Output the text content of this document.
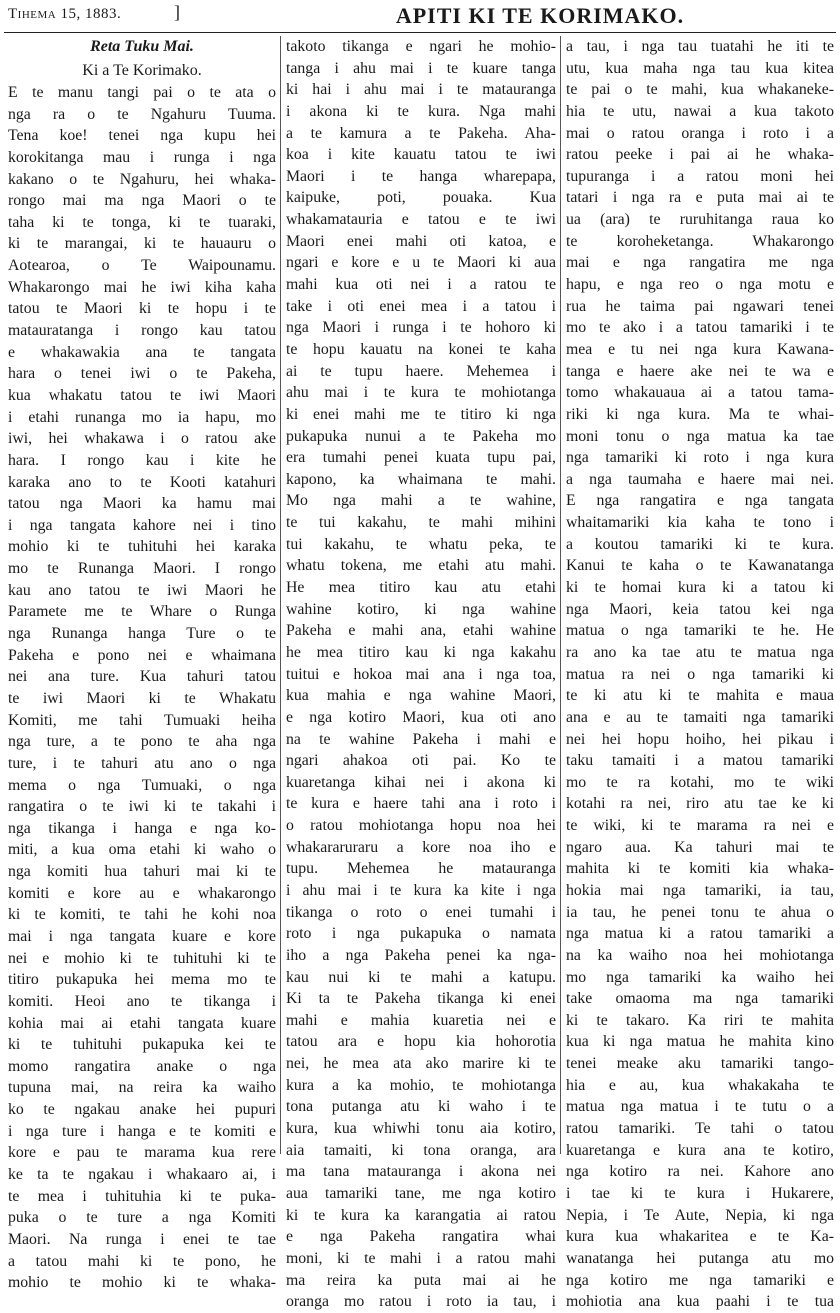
Tihema 15, 1883.	]	APITI KI TE KORIMAKO.
Reta Tuku Mai.
Ki a Te Korimako.
E te manu tangi pai o te ata o
nga ra o te Ngahuru Tuuma.
Tena koe! tenei nga kupu hei
korokitanga mau i runga i nga
kakano o te Ngahuru, hei whaka-
rongo mai ma nga Maori o te
taha ki te tonga, ki te tuaraki,
ki te marangai, ki te hauauru o
Aotearoa, o Te Waipounamu.
Whakarongo mai he iwi kiha kaha
tatou te Maori ki te hopu i te
matauratanga i rongo kau tatou
e whakawakia ana te tangata
hara o tenei iwi o te Pakeha,
kua whakatu tatou te iwi Maori
i etahi runanga mo ia hapu, mo
iwi, hei whakawa i o ratou ake
hara. I rongo kau i kite he
karaka ano to te Kooti katahuri
tatou nga Maori ka hamu mai
i nga tangata kahore nei i tino
mohio ki te tuhituhi hei karaka
mo te Runanga Maori. I rongo
kau ano tatou te iwi Maori he
Paramete me te Whare o Runga
nga Runanga hanga Ture o te
Pakeha e pono nei e whaimana
nei ana ture. Kua tahuri tatou
te iwi Maori ki te Whakatu
Komiti, me tahi Tumuaki heiha
nga ture, a te pono te aha nga
ture, i te tahuri atu ano o nga
mema o nga Tumuaki, o nga
rangatira o te iwi ki te takahi i
nga tikanga i hanga e nga ko-
miti, a kua oma etahi ki waho o
nga komiti hua tahuri mai ki te
komiti e kore au e whakarongo
ki te komiti, te tahi he kohi noa
mai i nga tangata kuare e kore
nei e mohio ki te tuhituhi ki te
titiro pukapuka hei mema mo te
komiti. Heoi ano te tikanga i
kohia mai ai etahi tangata kuare
ki te tuhituhi pukapuka kei te
momo rangatira anake o nga
tupuna mai, na reira ka waiho
ko te ngakau anake hei pupuri
i nga ture i hanga e te komiti e
kore e pau te marama kua rere
ke ta te ngakau i whakaaro ai, i
te mea i tuhituhia ki te puka-
puka o te ture a nga Komiti
Maori. Na runga i enei te tae
a tatou mahi ki te pono, he
mohio te mohio ki te whaka-
takoto tikanga e ngari he mohio-
tanga i ahu mai i te kuare tanga
ki hai i ahu mai i te matauranga
i akona ki te kura. Nga mahi
a te kamura a te Pakeha. Aha-
koa i kite kauatu tatou te iwi
Maori i te hanga wharepapa,
kaipuke, poti, pouaka. Kua
whakamatauria e tatou e te iwi
Maori enei mahi oti katoa, e
ngari e kore e u te Maori ki aua
mahi kua oti nei i a ratou te
take i oti enei mea i a tatou i
nga Maori i runga i te hohoro ki
te hopu kauatu na konei te kaha
ai te tupu haere. Mehemea i
ahu mai i te kura te mohiotanga
ki enei mahi me te titiro ki nga
pukapuka nunui a te Pakeha mo
era tumahi penei kuata tupu pai,
kapono, ka whaimana te mahi.
Mo nga mahi a te wahine,
te tui kakahu, te mahi mihini
tui kakahu, te whatu peka, te
whatu tokena, me etahi atu mahi.
He mea titiro kau atu etahi
wahine kotiro, ki nga wahine
Pakeha e mahi ana, etahi wahine
he mea titiro kau ki nga kakahu
tuitui e hokoa mai ana i nga toa,
kua mahia e nga wahine Maori,
e nga kotiro Maori, kua oti ano
na te wahine Pakeha i mahi e
ngari ahakoa oti pai. Ko te
kuaretanga kihai nei i akona ki
te kura e haere tahi ana i roto i
o ratou mohiotanga hopu noa hei
whakararuraru a kore noa iho e
tupu. Mehemea he matauranga
i ahu mai i te kura ka kite i nga
tikanga o roto o enei tumahi i
roto i nga pukapuka o namata
iho a nga Pakeha penei ka nga-
kau nui ki te mahi a katupu.
Ki ta te Pakeha tikanga ki enei
mahi e mahia kuaretia nei e
tatou ara e hopu kia hohorotia
nei, he mea ata ako marire ki te
kura a ka mohio, te mohiotanga
tona putanga atu ki waho i te
kura, kua whiwhi tonu aia kotiro,
aia tamaiti, ki tona oranga, ara
ma tana matauranga i akona nei
aua tamariki tane, me nga kotiro
ki te kura ka karangatia ai ratou
e nga Pakeha rangatira whai
moni, ki te mahi i a ratou mahi
ma reira ka puta mai ai he
oranga mo ratou i roto ia tau, i
a tau, i nga tau tuatahi he iti te
utu, kua maha nga tau kua kitea
te pai o te mahi, kua whakaneke-
hia te utu, nawai a kua takoto
mai o ratou oranga i roto i a
ratou peeke i pai ai he whaka-
tupuranga i a ratou moni hei
tatari i nga ra e puta mai ai te
ua (ara) te ruruhitanga raua ko
te koroheketanga. Whakarongo
mai e nga rangatira me nga
hapu, e nga reo o nga motu e
rua he taima pai ngawari tenei
mo te ako i a tatou tamariki i te
mea e tu nei nga kura Kawana-
tanga e haere ake nei te wa e
tomo whakauaua ai a tatou tama-
riki ki nga kura. Ma te whai-
moni tonu o nga matua ka tae
nga tamariki ki roto i nga kura
a nga taumaha e haere mai nei.
E nga rangatira e nga tangata
whaitamariki kia kaha te tono i
a koutou tamariki ki te kura.
Kanui te kaha o te Kawanatanga
ki te homai kura ki a tatou ki
nga Maori, keia tatou kei nga
matua o nga tamariki te he. He
ra ano ka tae atu te matua nga
matua ra nei o nga tamariki ki
te ki atu ki te mahita e maua
ana e au te tamaiti nga tamariki
nei hei hopu hoiho, hei pikau i
taku tamaiti i a matou tamariki
mo te ra kotahi, mo te wiki
kotahi ra nei, riro atu tae ke ki
te wiki, ki te marama ra nei e
ngaro aua. Ka tahuri mai te
mahita ki te komiti kia whaka-
hokia mai nga tamariki, ia tau,
ia tau, he penei tonu te ahua o
nga matua ki a ratou tamariki a
na ka waiho noa hei mohiotanga
mo nga tamariki ka waiho hei
take omaoma ma nga tamariki
ki te takaro. Ka riri te mahita
kua ki nga matua he mahita kino
tenei meake aku tamariki tango-
hia e au, kua whakakaha te
matua nga matua i te tutu o a
ratou tamariki. Te tahi o tatou
kuaretanga e kura ana te kotiro,
nga kotiro ra nei. Kahore ano
i tae ki te kura i Hukarere,
Nepia, i Te Aute, Nepia, ki nga
kura kua whakaritea e te Ka-
wanatanga hei putanga atu mo
nga kotiro me nga tamariki e
mohiotia ana kua paahi i te tua
